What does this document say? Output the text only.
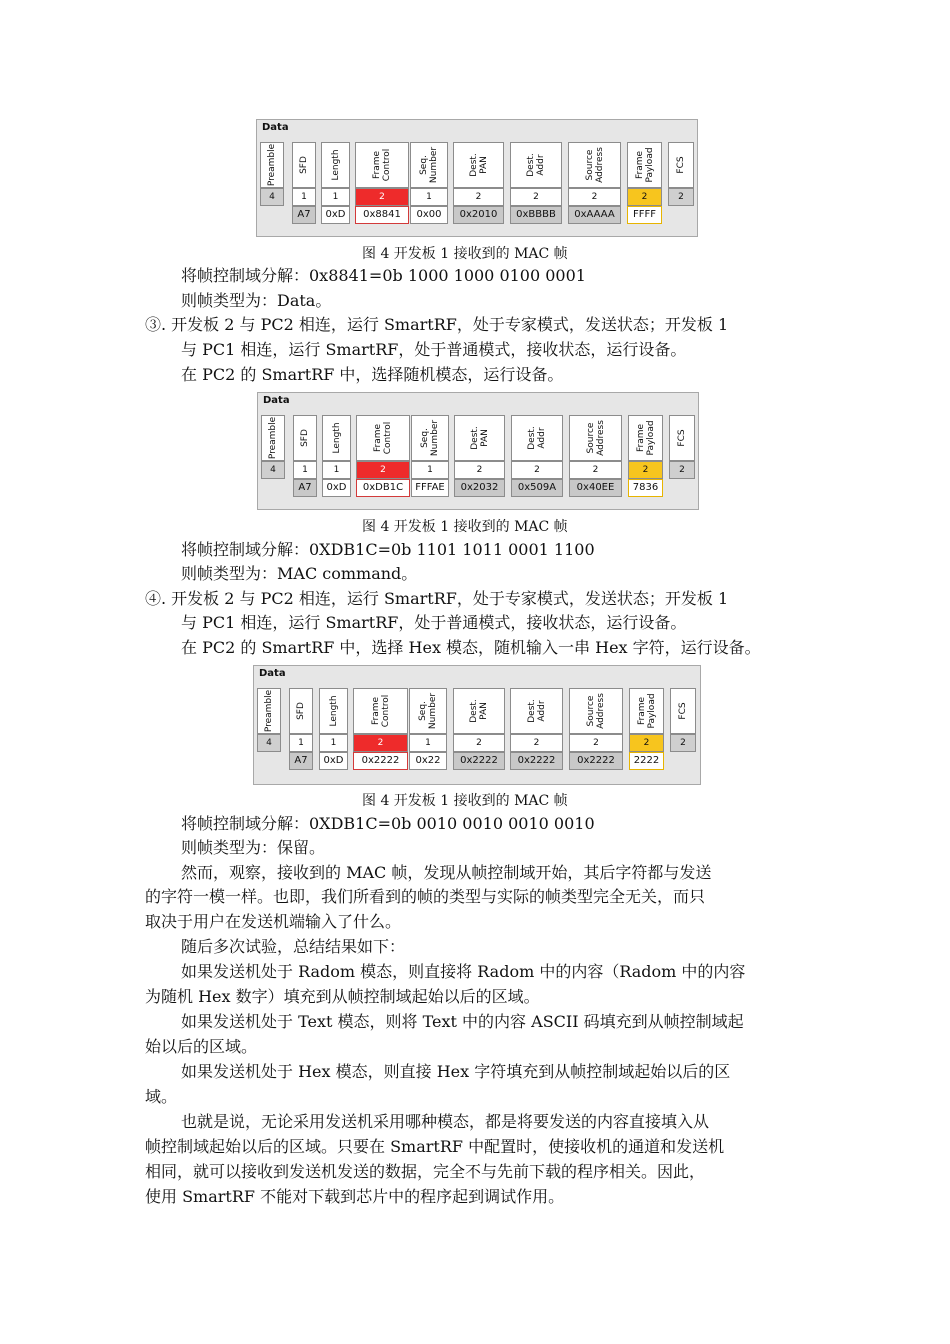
Data
Preamble
4
SFD
1
A7
Length
1
0xD
Frame
Control
2
0x8841
Seq.
Number
1
0x00
Dest.
PAN
2
0x2010
Dest.
Addr
2
0xBBBB
Source
Address
2
0xAAAA
Frame
Payload
2
FFFF
FCS
2
Data
Preamble
4
SFD
1
A7
Length
1
0xD
Frame
Control
2
0xDB1C
Seq.
Number
1
FFFAE
Dest.
PAN
2
0x2032
Dest.
Addr
2
0x509A
Source
Address
2
0x40EE
Frame
Payload
2
7836
FCS
2
Data
Preamble
4
SFD
1
A7
Length
1
0xD
Frame
Control
2
0x2222
Seq.
Number
1
0x22
Dest.
PAN
2
0x2222
Dest.
Addr
2
0x2222
Source
Address
2
0x2222
Frame
Payload
2
2222
FCS
2
图 4 开发板 1 接收到的 MAC 帧
将帧控制域分解：0x8841=0b 1000 1000 0100 0001
则帧类型为：Data。
③. 开发板 2 与 PC2 相连，运行 SmartRF，处于专家模式，发送状态；开发板 1
与 PC1 相连，运行 SmartRF，处于普通模式，接收状态，运行设备。
在 PC2 的 SmartRF 中，选择随机模态，运行设备。
图 4 开发板 1 接收到的 MAC 帧
将帧控制域分解：0XDB1C=0b 1101 1011 0001 1100
则帧类型为：MAC command。
④. 开发板 2 与 PC2 相连，运行 SmartRF，处于专家模式，发送状态；开发板 1
与 PC1 相连，运行 SmartRF，处于普通模式，接收状态，运行设备。
在 PC2 的 SmartRF 中，选择 Hex 模态，随机输入一串 Hex 字符，运行设备。
图 4 开发板 1 接收到的 MAC 帧
将帧控制域分解：0XDB1C=0b 0010 0010 0010 0010
则帧类型为：保留。
然而，观察，接收到的 MAC 帧，发现从帧控制域开始，其后字符都与发送
的字符一模一样。也即，我们所看到的帧的类型与实际的帧类型完全无关，而只
取决于用户在发送机端输入了什么。
随后多次试验，总结结果如下：
如果发送机处于 Radom 模态，则直接将 Radom 中的内容（Radom 中的内容
为随机 Hex 数字）填充到从帧控制域起始以后的区域。
如果发送机处于 Text 模态，则将 Text 中的内容 ASCII 码填充到从帧控制域起
始以后的区域。
如果发送机处于 Hex 模态，则直接 Hex 字符填充到从帧控制域起始以后的区
域。
也就是说，无论采用发送机采用哪种模态，都是将要发送的内容直接填入从
帧控制域起始以后的区域。只要在 SmartRF 中配置时，使接收机的通道和发送机
相同，就可以接收到发送机发送的数据，完全不与先前下载的程序相关。因此，
使用 SmartRF 不能对下载到芯片中的程序起到调试作用。
